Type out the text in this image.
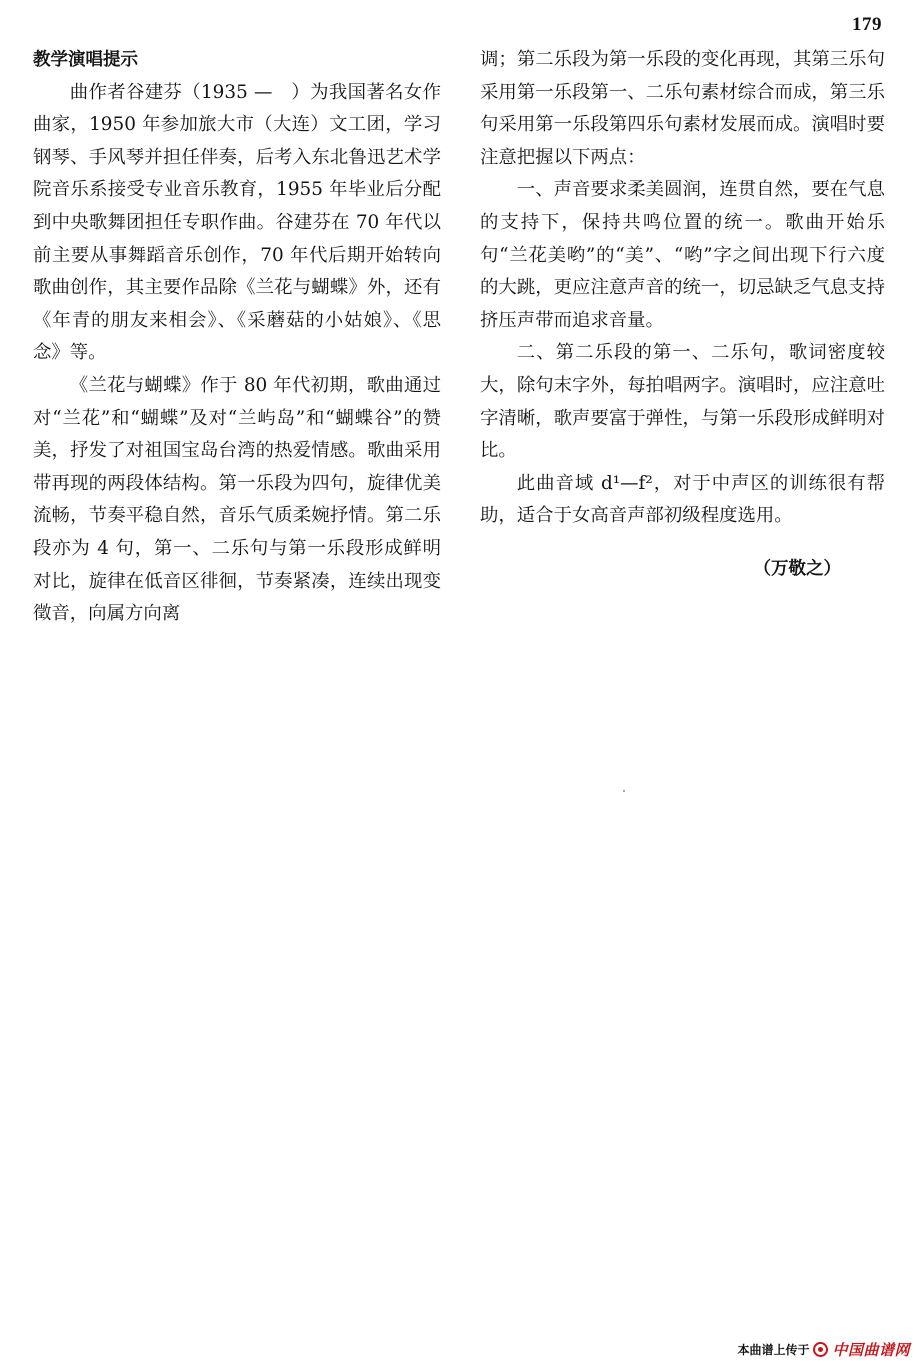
179

教学演唱提示

曲作者谷建芬（1935 —　）为我国著名女作曲家，1950 年参加旅大市（大连）文工团，学习钢琴、手风琴并担任伴奏，后考入东北鲁迅艺术学院音乐系接受专业音乐教育，1955 年毕业后分配到中央歌舞团担任专职作曲。谷建芬在 70 年代以前主要从事舞蹈音乐创作，70 年代后期开始转向歌曲创作，其主要作品除《兰花与蝴蝶》外，还有《年青的朋友来相会》、《采蘑菇的小姑娘》、《思念》等。

《兰花与蝴蝶》作于 80 年代初期，歌曲通过对“兰花”和“蝴蝶”及对“兰屿岛”和“蝴蝶谷”的赞美，抒发了对祖国宝岛台湾的热爱情感。歌曲采用带再现的两段体结构。第一乐段为四句，旋律优美流畅，节奏平稳自然，音乐气质柔婉抒情。第二乐段亦为 4 句，第一、二乐句与第一乐段形成鲜明对比，旋律在低音区徘徊，节奏紧凑，连续出现变徵音，向属方向离

调；第二乐段为第一乐段的变化再现，其第三乐句采用第一乐段第一、二乐句素材综合而成，第三乐句采用第一乐段第四乐句素材发展而成。演唱时要注意把握以下两点：

一、声音要求柔美圆润，连贯自然，要在气息的支持下，保持共鸣位置的统一。歌曲开始乐句“兰花美哟”的“美”、“哟”字之间出现下行六度的大跳，更应注意声音的统一，切忌缺乏气息支持挤压声带而追求音量。

二、第二乐段的第一、二乐句，歌词密度较大，除句末字外，每拍唱两字。演唱时，应注意吐字清晰，歌声要富于弹性，与第一乐段形成鲜明对比。

此曲音域 d¹—f²，对于中声区的训练很有帮助，适合于女高音声部初级程度选用。

（万敬之）

本曲谱上传于 中国曲谱网
